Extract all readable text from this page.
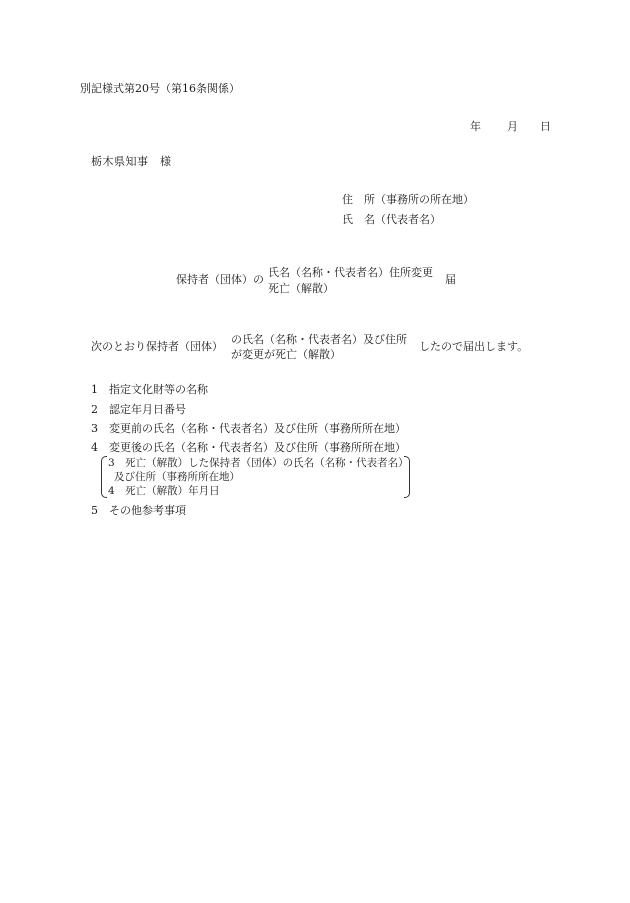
別記様式第20号（第16条関係）
年 月 日
栃木県知事　様
住　所（事務所の所在地）
氏　名（代表者名）
保持者（団体）の
氏名（名称・代表者名）住所変更
死亡（解散）
届
次のとおり保持者（団体）
の氏名（名称・代表者名）及び住所
が変更が死亡（解散）
したので届出します。
1 指定文化財等の名称
2 認定年月日番号
3 変更前の氏名（名称・代表者名）及び住所（事務所所在地）
4 変更後の氏名（名称・代表者名）及び住所（事務所所在地）
3　死亡（解散）した保持者（団体）の氏名（名称・代表者名）
及び住所（事務所所在地）
4　死亡（解散）年月日
5 その他参考事項
